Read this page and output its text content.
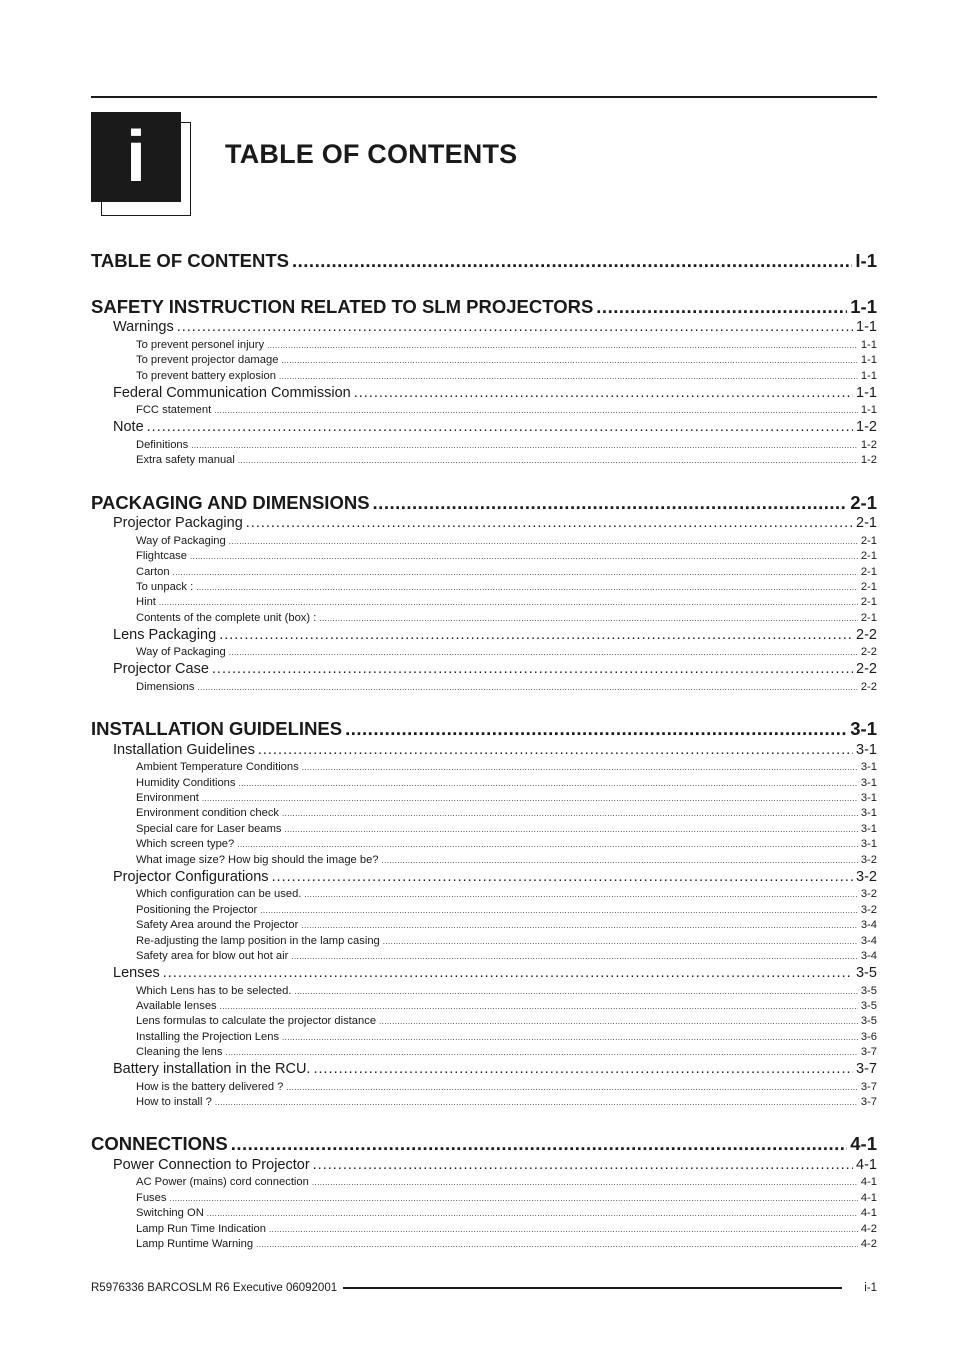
i	TABLE OF CONTENTS
TABLE OF CONTENTS .....	I-1
SAFETY INSTRUCTION RELATED TO SLM PROJECTORS .....	1-1
Warnings .....	1-1
To prevent personel injury .....	1-1
To prevent projector damage .....	1-1
To prevent battery explosion .....	1-1
Federal Communication Commission .....	1-1
FCC statement .....	1-1
Note .....	1-2
Definitions .....	1-2
Extra safety manual .....	1-2
PACKAGING AND DIMENSIONS .....	2-1
Projector Packaging .....	2-1
Way of Packaging .....	2-1
Flightcase .....	2-1
Carton .....	2-1
To unpack : .....	2-1
Hint .....	2-1
Contents of the complete unit (box) : .....	2-1
Lens Packaging .....	2-2
Way of Packaging .....	2-2
Projector Case .....	2-2
Dimensions .....	2-2
INSTALLATION GUIDELINES .....	3-1
Installation Guidelines .....	3-1
Ambient Temperature Conditions .....	3-1
Humidity Conditions .....	3-1
Environment .....	3-1
Environment condition check .....	3-1
Special care for Laser beams .....	3-1
Which screen type? .....	3-1
What image size? How big should the image be? .....	3-2
Projector Configurations .....	3-2
Which configuration can be used. .....	3-2
Positioning the Projector .....	3-2
Safety Area around the Projector .....	3-4
Re-adjusting the lamp position in the lamp casing .....	3-4
Safety area for blow out hot air .....	3-4
Lenses .....	3-5
Which Lens has to be selected. .....	3-5
Available lenses .....	3-5
Lens formulas to calculate the projector distance .....	3-5
Installing the Projection Lens .....	3-6
Cleaning the lens .....	3-7
Battery installation in the RCU. .....	3-7
How is the battery delivered ? .....	3-7
How to install ? .....	3-7
CONNECTIONS .....	4-1
Power Connection to Projector .....	4-1
AC Power (mains) cord connection .....	4-1
Fuses .....	4-1
Switching ON .....	4-1
Lamp Run Time Indication .....	4-2
Lamp Runtime Warning .....	4-2
R5976336 BARCOSLM R6 Executive 06092001	i-1
